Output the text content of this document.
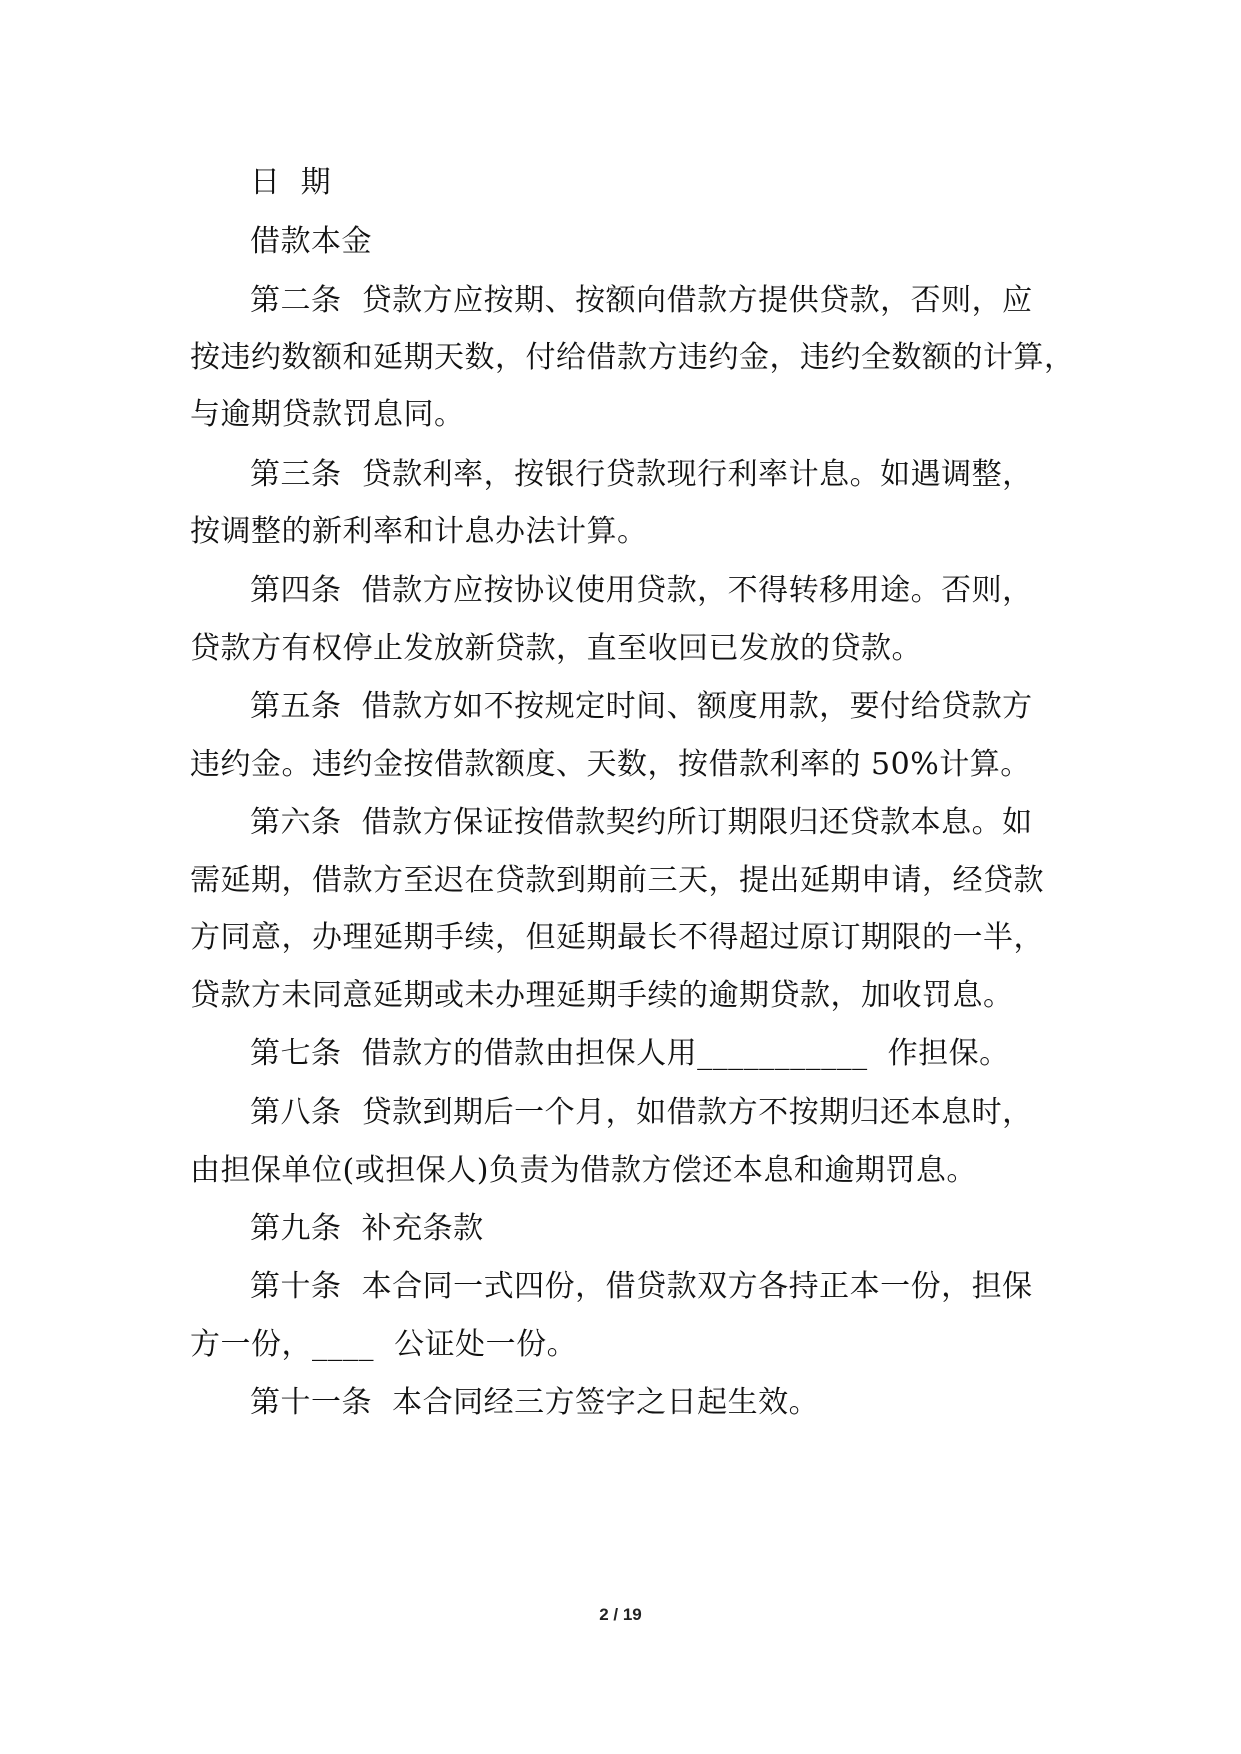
日  期
借款本金
第二条  贷款方应按期、按额向借款方提供贷款，否则，应
按违约数额和延期天数，付给借款方违约金，违约全数额的计算，
与逾期贷款罚息同。
第三条  贷款利率，按银行贷款现行利率计息。如遇调整，
按调整的新利率和计息办法计算。
第四条  借款方应按协议使用贷款，不得转移用途。否则，
贷款方有权停止发放新贷款，直至收回已发放的贷款。
第五条  借款方如不按规定时间、额度用款，要付给贷款方
违约金。违约金按借款额度、天数，按借款利率的 50%计算。
第六条  借款方保证按借款契约所订期限归还贷款本息。如
需延期，借款方至迟在贷款到期前三天，提出延期申请，经贷款
方同意，办理延期手续，但延期最长不得超过原订期限的一半，
贷款方未同意延期或未办理延期手续的逾期贷款，加收罚息。
第七条  借款方的借款由担保人用___________  作担保。
第八条  贷款到期后一个月，如借款方不按期归还本息时，
由担保单位(或担保人)负责为借款方偿还本息和逾期罚息。
第九条  补充条款
第十条  本合同一式四份，借贷款双方各持正本一份，担保
方一份，____  公证处一份。
第十一条  本合同经三方签字之日起生效。
2 / 19
